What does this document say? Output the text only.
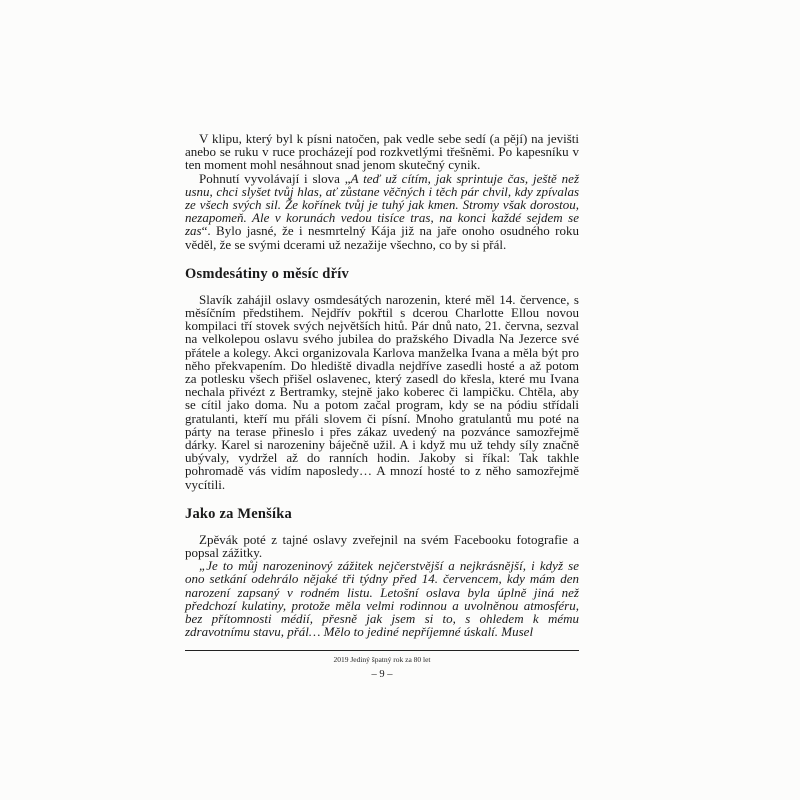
V klipu, který byl k písni natočen, pak vedle sebe sedí (a pějí) na jevišti anebo se ruku v ruce procházejí pod rozkvetlými třešněmi. Po kapesníku v ten moment mohl nesáhnout snad jenom skutečný cynik.

Pohnutí vyvolávají i slova „A teď už cítím, jak sprintuje čas, ještě než usnu, chci slyšet tvůj hlas, ať zůstane věčných i těch pár chvil, kdy zpívalas ze všech svých sil. Že kořínek tvůj je tuhý jak kmen. Stromy však dorostou, nezapomeň. Ale v korunách vedou tisíce tras, na konci každé sejdem se zas“. Bylo jasné, že i nesmrtelný Kája již na jaře onoho osudného roku věděl, že se svými dcerami už nezažije všechno, co by si přál.

Osmdesátiny o měsíc dřív

Slavík zahájil oslavy osmdesátých narozenin, které měl 14. července, s měsíčním předstihem. Nejdřív pokřtil s dcerou Charlotte Ellou novou kompilaci tří stovek svých největších hitů. Pár dnů nato, 21. června, sezval na velkolepou oslavu svého jubilea do pražského Divadla Na Jezerce své přátele a kolegy. Akci organizovala Karlova manželka Ivana a měla být pro něho překvapením. Do hlediště divadla nejdříve zasedli hosté a až potom za potlesku všech přišel oslavenec, který zasedl do křesla, které mu Ivana nechala přivézt z Bertramky, stejně jako koberec či lampičku. Chtěla, aby se cítil jako doma. Nu a potom začal program, kdy se na pódiu střídali gratulanti, kteří mu přáli slovem či písní. Mnoho gratulantů mu poté na párty na terase přineslo i přes zákaz uvedený na pozvánce samozřejmě dárky. Karel si narozeniny báječně užil. A i když mu už tehdy síly značně ubývaly, vydržel až do ranních hodin. Jakoby si říkal: Tak takhle pohromadě vás vidím naposledy… A mnozí hosté to z něho samozřejmě vycítili.

Jako za Menšíka

Zpěvák poté z tajné oslavy zveřejnil na svém Facebooku fotografie a popsal zážitky.

„Je to můj narozeninový zážitek nejčerstvější a nejkrásnější, i když se ono setkání odehrálo nějaké tři týdny před 14. červencem, kdy mám den narození zapsaný v rodném listu. Letošní oslava byla úplně jiná než předchozí kulatiny, protože měla velmi rodinnou a uvolněnou atmosféru, bez přítomnosti médií, přesně jak jsem si to, s ohledem k mému zdravotnímu stavu, přál… Mělo to jediné nepříjemné úskalí. Musel

2019 Jediný špatný rok za 80 let
– 9 –
